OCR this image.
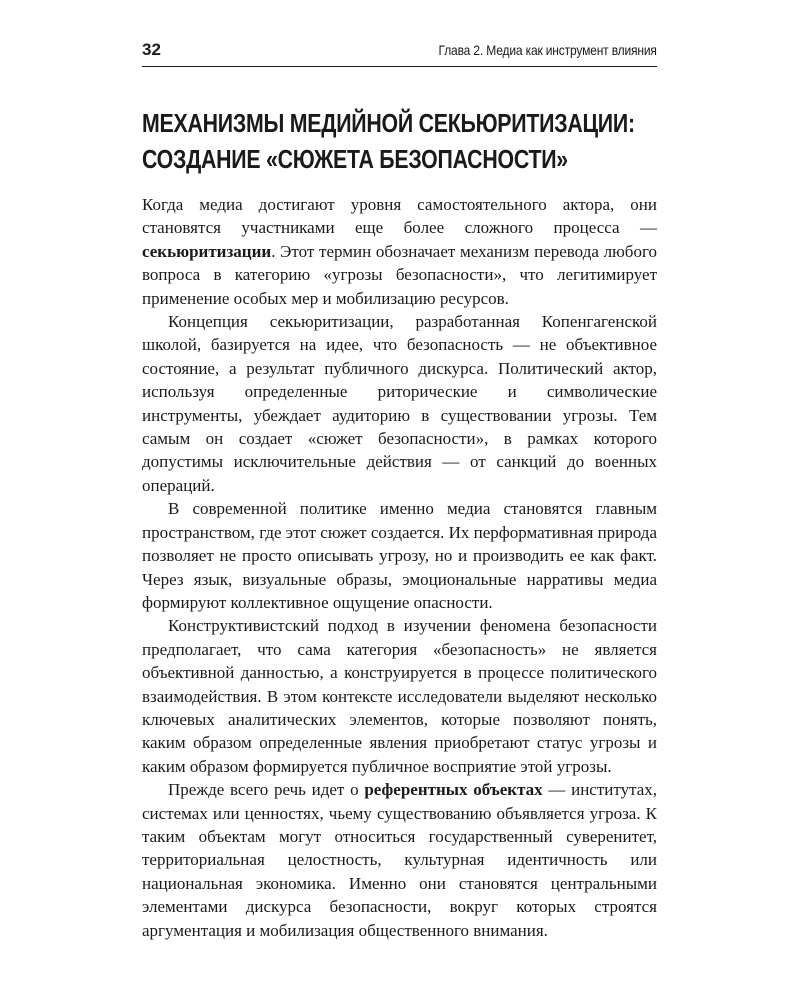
32	Глава 2. Медиа как инструмент влияния
МЕХАНИЗМЫ МЕДИЙНОЙ СЕКЬЮРИТИЗАЦИИ:
СОЗДАНИЕ «СЮЖЕТА БЕЗОПАСНОСТИ»

Когда медиа достигают уровня самостоятельного актора, они становятся участниками еще более сложного процесса — секьюритизации. Этот термин обозначает механизм перевода любого вопроса в категорию «угрозы безопасности», что легитимирует применение особых мер и мобилизацию ресурсов.

Концепция секьюритизации, разработанная Копенгагенской школой, базируется на идее, что безопасность — не объективное состояние, а результат публичного дискурса. Политический актор, используя определенные риторические и символические инструменты, убеждает аудиторию в существовании угрозы. Тем самым он создает «сюжет безопасности», в рамках которого допустимы исключительные действия — от санкций до военных операций.

В современной политике именно медиа становятся главным пространством, где этот сюжет создается. Их перформативная природа позволяет не просто описывать угрозу, но и производить ее как факт. Через язык, визуальные образы, эмоциональные нарративы медиа формируют коллективное ощущение опасности.

Конструктивистский подход в изучении феномена безопасности предполагает, что сама категория «безопасность» не является объективной данностью, а конструируется в процессе политического взаимодействия. В этом контексте исследователи выделяют несколько ключевых аналитических элементов, которые позволяют понять, каким образом определенные явления приобретают статус угрозы и каким образом формируется публичное восприятие этой угрозы.

Прежде всего речь идет о референтных объектах — институтах, системах или ценностях, чьему существованию объявляется угроза. К таким объектам могут относиться государственный суверенитет, территориальная целостность, культурная идентичность или национальная экономика. Именно они становятся центральными элементами дискурса безопасности, вокруг которых строятся аргументация и мобилизация общественного внимания.
